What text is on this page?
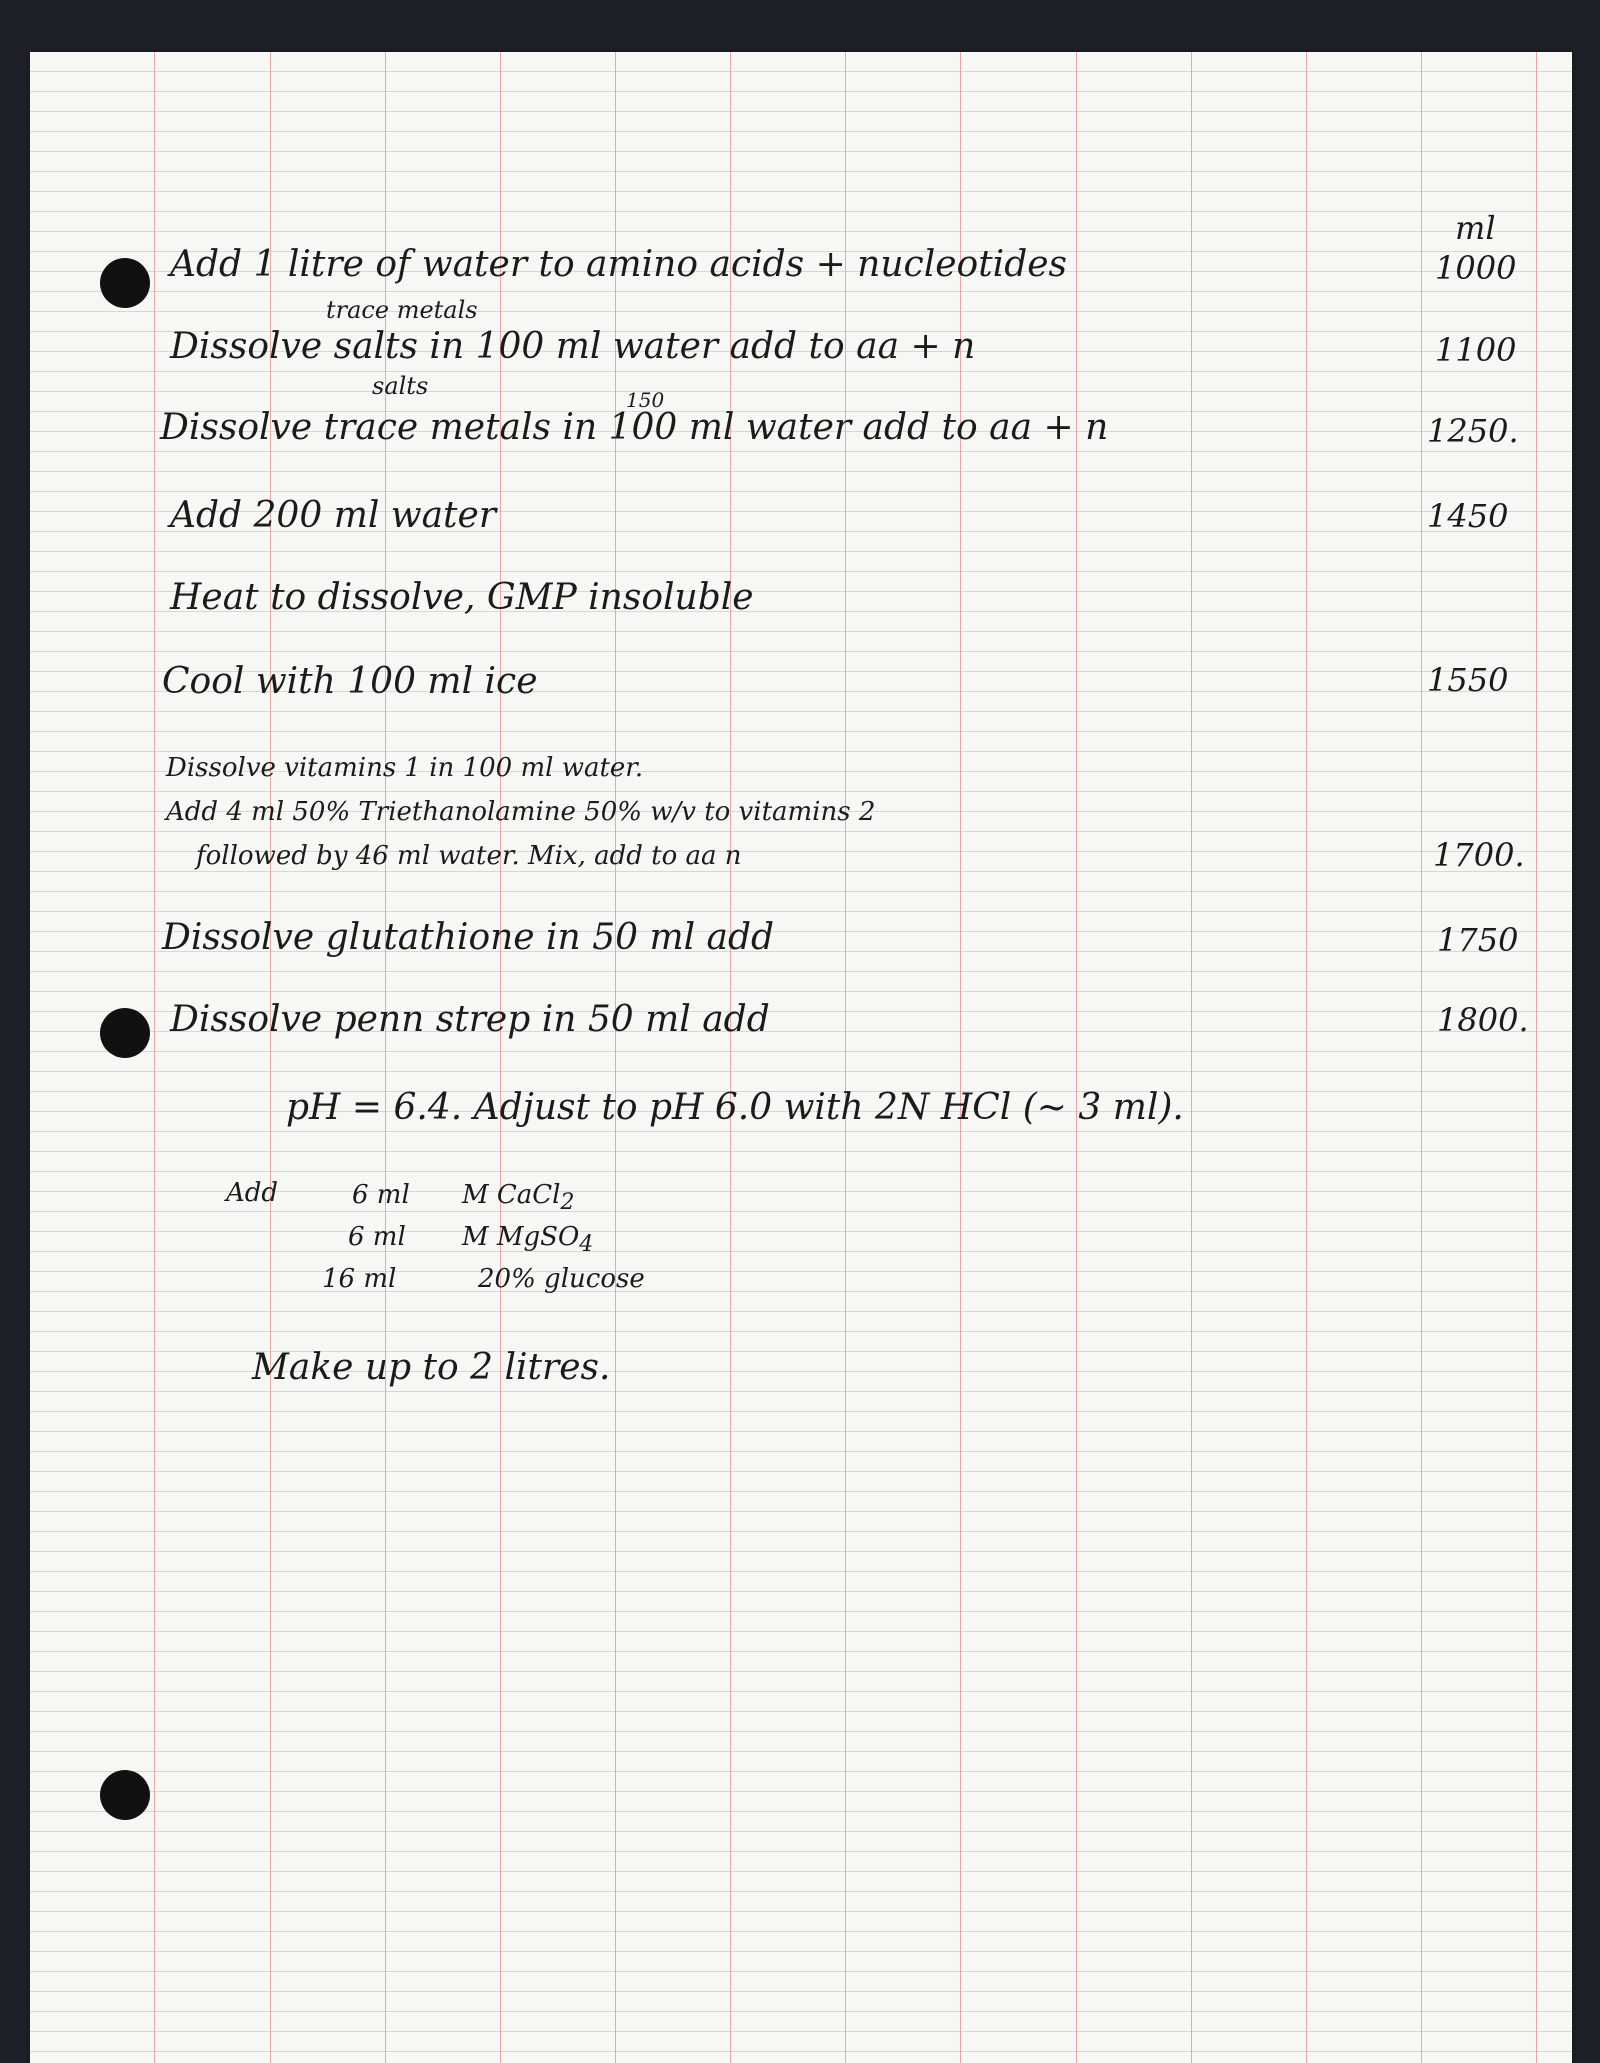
ml

Add 1 litre of water to amino acids + nucleotides	1000

trace metals

Dissolve salts in 100 ml water add to aa + n	1100

salts	150

Dissolve trace metals in 100 ml water add to aa + n	1250.

Add 200 ml water	1450

Heat to dissolve, GMP insoluble

Cool with 100 ml ice	1550

Dissolve vitamins 1 in 100 ml water.

Add 4 ml 50% Triethanolamine 50% w/v to vitamins 2

followed by 46 ml water. Mix, add to aa n	1700.

Dissolve glutathione in 50 ml add	1750

Dissolve penn strep in 50 ml add	1800.

pH = 6.4. Adjust to pH 6.0 with 2N HCl (~ 3 ml).

Add	6 ml M CaCl$_2$

6 ml M MgSO$_4$

16 ml	20% glucose

Make up to 2 litres.
